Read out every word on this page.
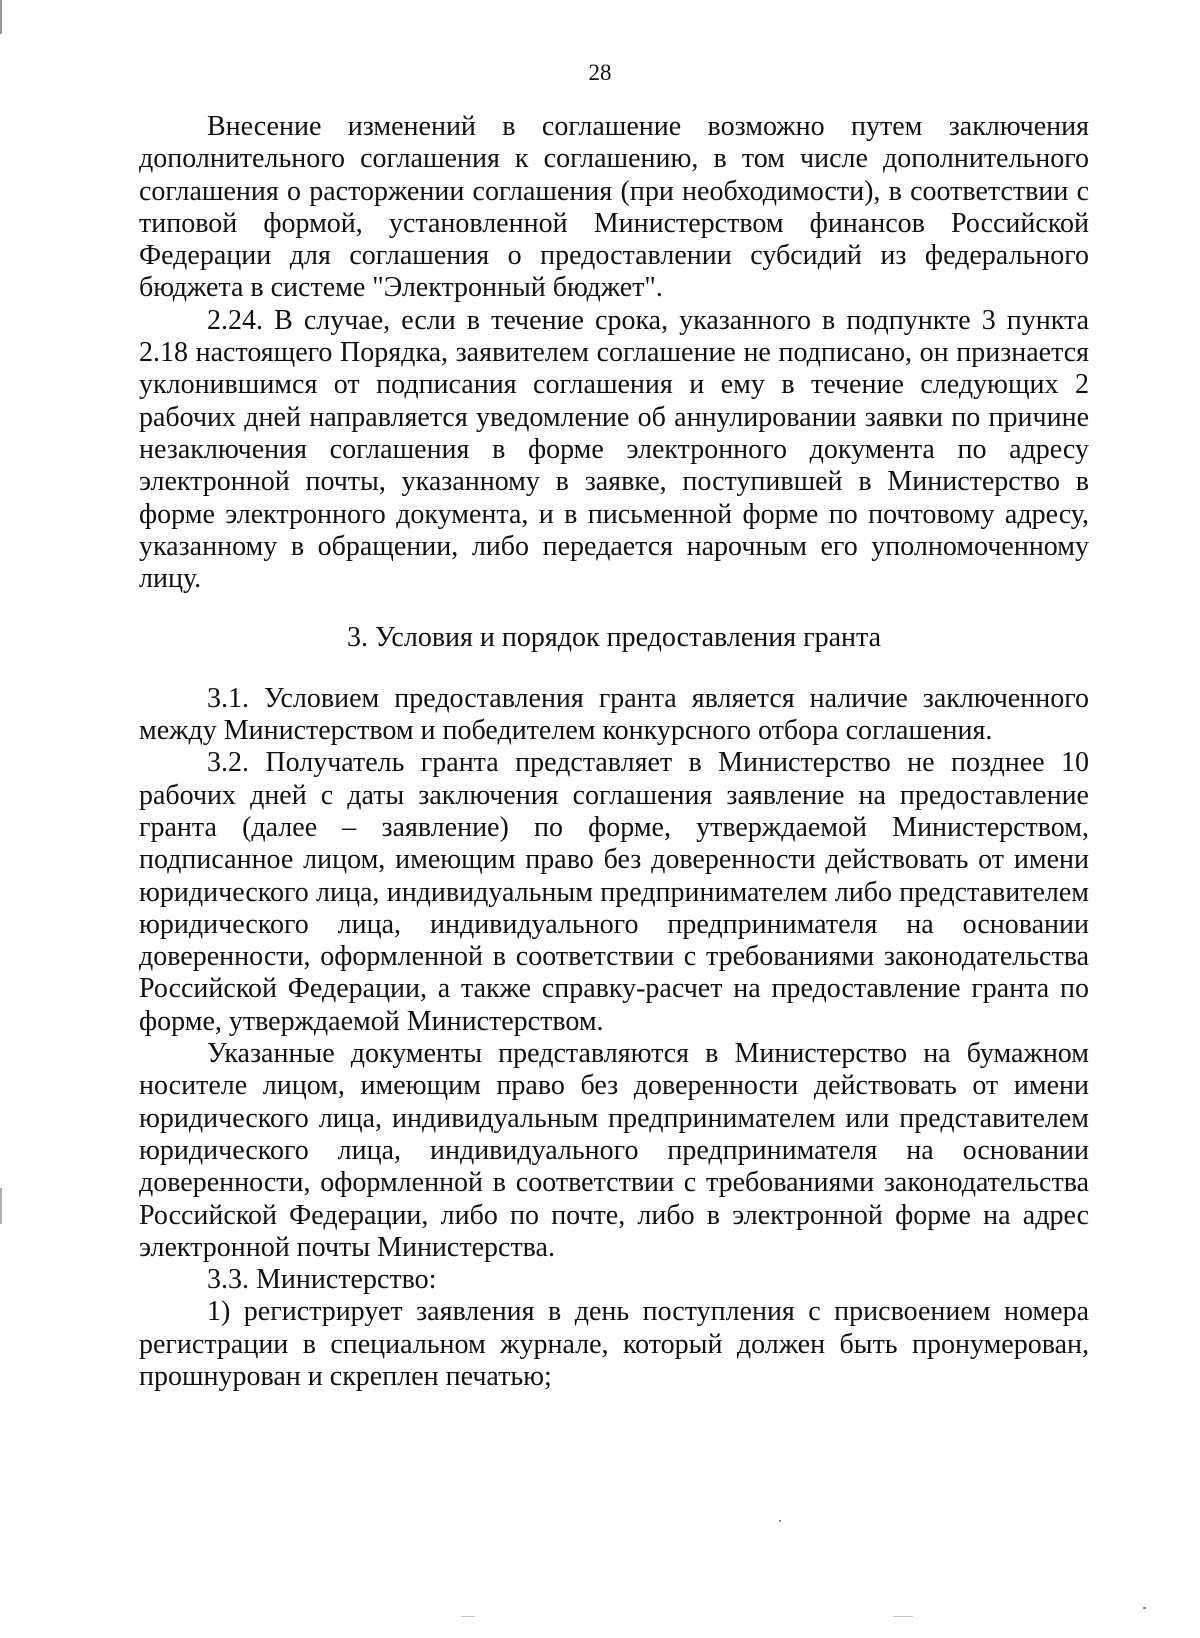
28

Внесение изменений в соглашение возможно путем заключения дополнительного соглашения к соглашению, в том числе дополнительного соглашения о расторжении соглашения (при необходимости), в соответствии с типовой формой, установленной Министерством финансов Российской Федерации для соглашения о предоставлении субсидий из федерального бюджета в системе "Электронный бюджет".

2.24. В случае, если в течение срока, указанного в подпункте 3 пункта 2.18 настоящего Порядка, заявителем соглашение не подписано, он признается уклонившимся от подписания соглашения и ему в течение следующих 2 рабочих дней направляется уведомление об аннулировании заявки по причине незаключения соглашения в форме электронного документа по адресу электронной почты, указанному в заявке, поступившей в Министерство в форме электронного документа, и в письменной форме по почтовому адресу, указанному в обращении, либо передается нарочным его уполномоченному лицу.

3. Условия и порядок предоставления гранта

3.1. Условием предоставления гранта является наличие заключенного между Министерством и победителем конкурсного отбора соглашения.

3.2. Получатель гранта представляет в Министерство не позднее 10 рабочих дней с даты заключения соглашения заявление на предоставление гранта (далее – заявление) по форме, утверждаемой Министерством, подписанное лицом, имеющим право без доверенности действовать от имени юридического лица, индивидуальным предпринимателем либо представителем юридического лица, индивидуального предпринимателя на основании доверенности, оформленной в соответствии с требованиями законодательства Российской Федерации, а также справку-расчет на предоставление гранта по форме, утверждаемой Министерством.

Указанные документы представляются в Министерство на бумажном носителе лицом, имеющим право без доверенности действовать от имени юридического лица, индивидуальным предпринимателем или представителем юридического лица, индивидуального предпринимателя на основании доверенности, оформленной в соответствии с требованиями законодательства Российской Федерации, либо по почте, либо в электронной форме на адрес электронной почты Министерства.

3.3. Министерство:

1) регистрирует заявления в день поступления с присвоением номера регистрации в специальном журнале, который должен быть пронумерован, прошнурован и скреплен печатью;
